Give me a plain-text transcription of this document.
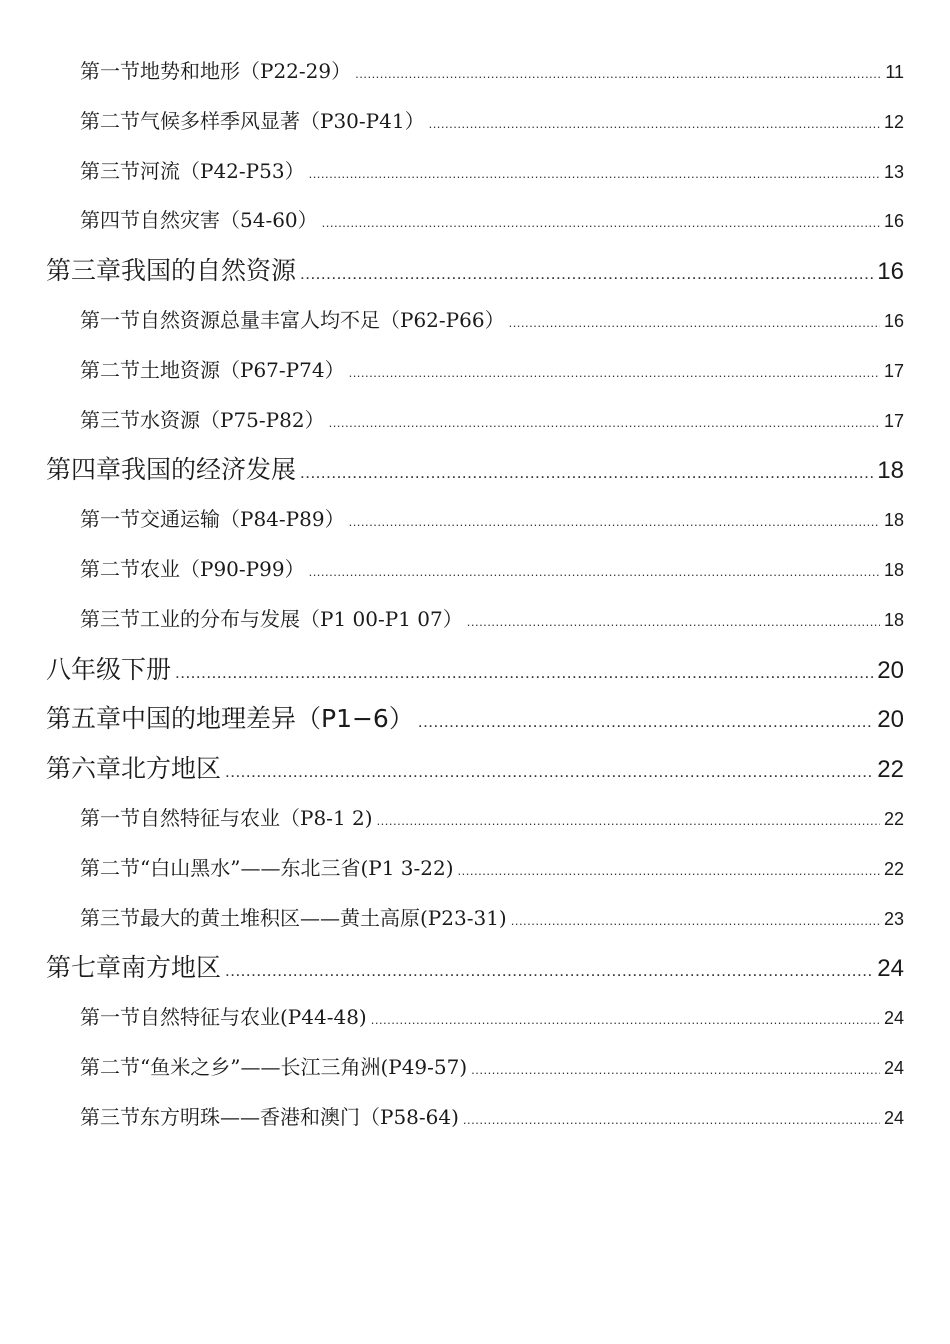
第一节地势和地形（P22-29） .....	11
第二节气候多样季风显著（P30-P41） .....	12
第三节河流（P42-P53） .....	13
第四节自然灾害（54-60） .....	16
第三章我国的自然资源 .....	16
第一节自然资源总量丰富人均不足（P62-P66） .....	16
第二节土地资源（P67-P74） .....	17
第三节水资源（P75-P82） .....	17
第四章我国的经济发展 .....	18
第一节交通运输（P84-P89） .....	18
第二节农业（P90-P99） .....	18
第三节工业的分布与发展（P1 00-P1 07） .....	18
八年级下册 .....	20
第五章中国的地理差异（P1−6） .....	20
第六章北方地区 .....	22
第一节自然特征与农业（P8-1 2) .....	22
第二节“白山黑水”——东北三省(P1 3-22) .....	22
第三节最大的黄土堆积区——黄土高原(P23-31) .....	23
第七章南方地区 .....	24
第一节自然特征与农业(P44-48) .....	24
第二节“鱼米之乡”——长江三角洲(P49-57) .....	24
第三节东方明珠——香港和澳门（P58-64) .....	24
